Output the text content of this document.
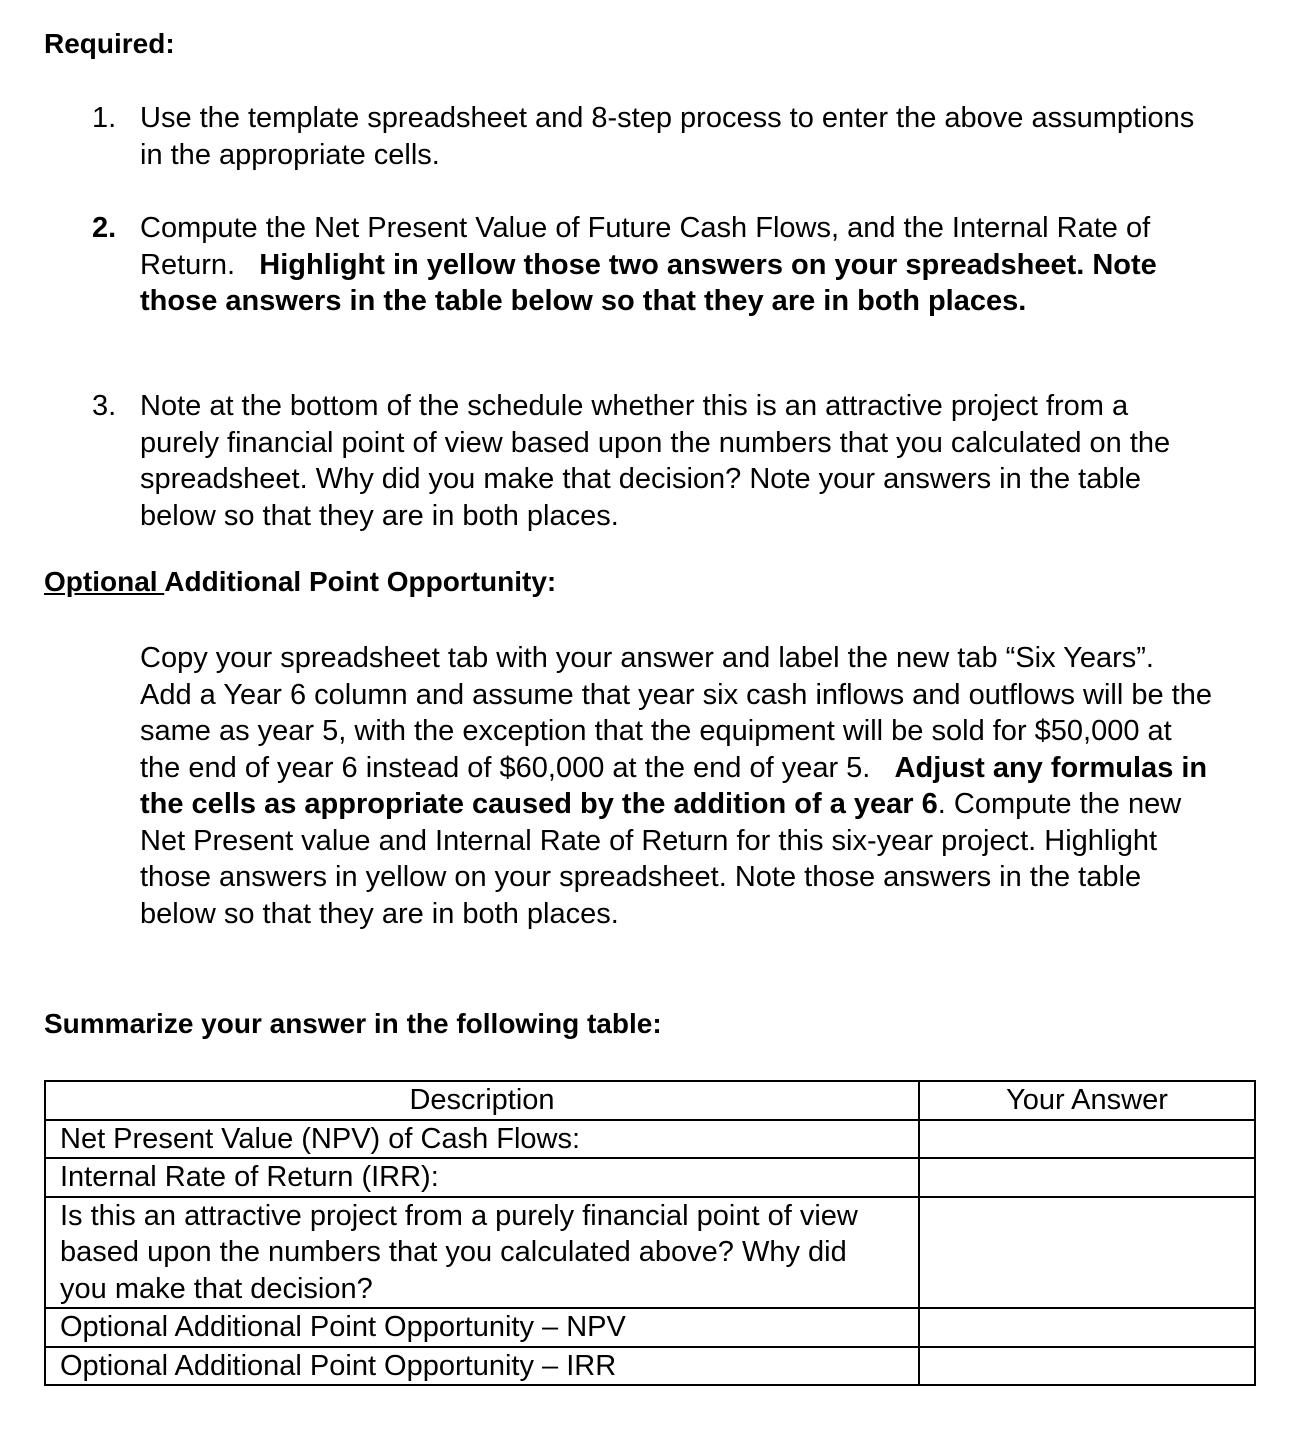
Required:
1. Use the template spreadsheet and 8-step process to enter the above assumptions in the appropriate cells.
2. Compute the Net Present Value of Future Cash Flows, and the Internal Rate of Return. Highlight in yellow those two answers on your spreadsheet. Note those answers in the table below so that they are in both places.
3. Note at the bottom of the schedule whether this is an attractive project from a purely financial point of view based upon the numbers that you calculated on the spreadsheet. Why did you make that decision? Note your answers in the table below so that they are in both places.
Optional Additional Point Opportunity:
Copy your spreadsheet tab with your answer and label the new tab “Six Years”. Add a Year 6 column and assume that year six cash inflows and outflows will be the same as year 5, with the exception that the equipment will be sold for $50,000 at the end of year 6 instead of $60,000 at the end of year 5. Adjust any formulas in the cells as appropriate caused by the addition of a year 6. Compute the new Net Present value and Internal Rate of Return for this six-year project. Highlight those answers in yellow on your spreadsheet. Note those answers in the table below so that they are in both places.
Summarize your answer in the following table:
Description	Your Answer
Net Present Value (NPV) of Cash Flows:	
Internal Rate of Return (IRR):	
Is this an attractive project from a purely financial point of view based upon the numbers that you calculated above? Why did you make that decision?	
Optional Additional Point Opportunity – NPV	
Optional Additional Point Opportunity – IRR	
